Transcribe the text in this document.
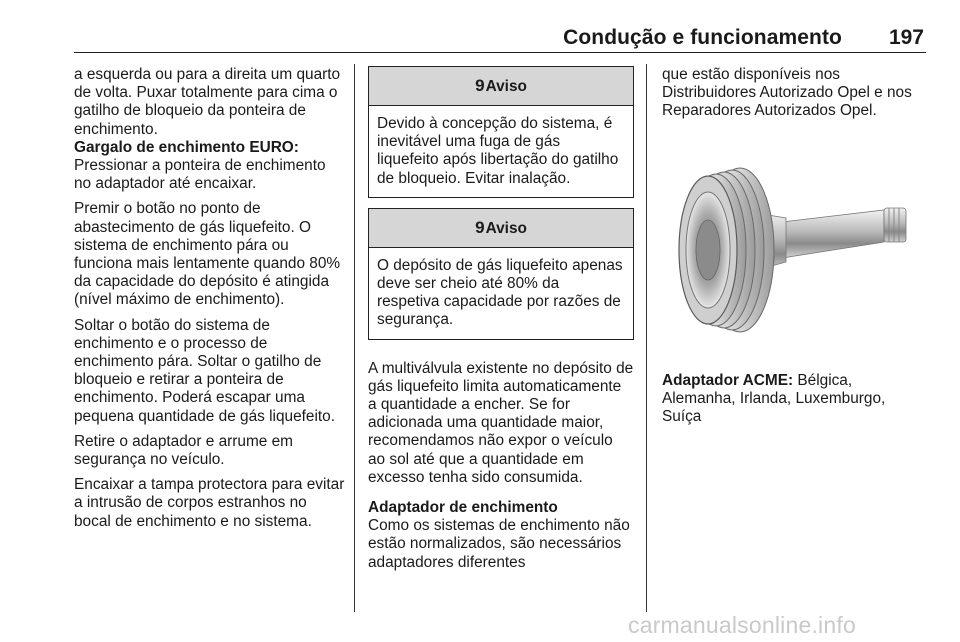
Condução e funcionamento 197

a esquerda ou para a direita um quarto de volta. Puxar totalmente para cima o gatilho de bloqueio da ponteira de enchimento.

Gargalo de enchimento EURO:

Pressionar a ponteira de enchimento no adaptador até encaixar.

Premir o botão no ponto de abastecimento de gás liquefeito. O sistema de enchimento pára ou funciona mais lentamente quando 80% da capacidade do depósito é atingida (nível máximo de enchimento).

Soltar o botão do sistema de enchimento e o processo de enchimento pára. Soltar o gatilho de bloqueio e retirar a ponteira de enchimento. Poderá escapar uma pequena quantidade de gás liquefeito.

Retire o adaptador e arrume em segurança no veículo.

Encaixar a tampa protectora para evitar a intrusão de corpos estranhos no bocal de enchimento e no sistema.

9Aviso
Devido à concepção do sistema, é inevitável uma fuga de gás liquefeito após libertação do gatilho de bloqueio. Evitar inalação.
9Aviso
O depósito de gás liquefeito apenas deve ser cheio até 80% da respetiva capacidade por razões de segurança.

A multiválvula existente no depósito de gás liquefeito limita automaticamente a quantidade a encher. Se for adicionada uma quantidade maior, recomendamos não expor o veículo ao sol até que a quantidade em excesso tenha sido consumida.

Adaptador de enchimento

Como os sistemas de enchimento não estão normalizados, são necessários adaptadores diferentes

que estão disponíveis nos Distribuidores Autorizado Opel e nos Reparadores Autorizados Opel.

Adaptador ACME: Bélgica, Alemanha, Irlanda, Luxemburgo, Suíça

carmanualsonline.info
